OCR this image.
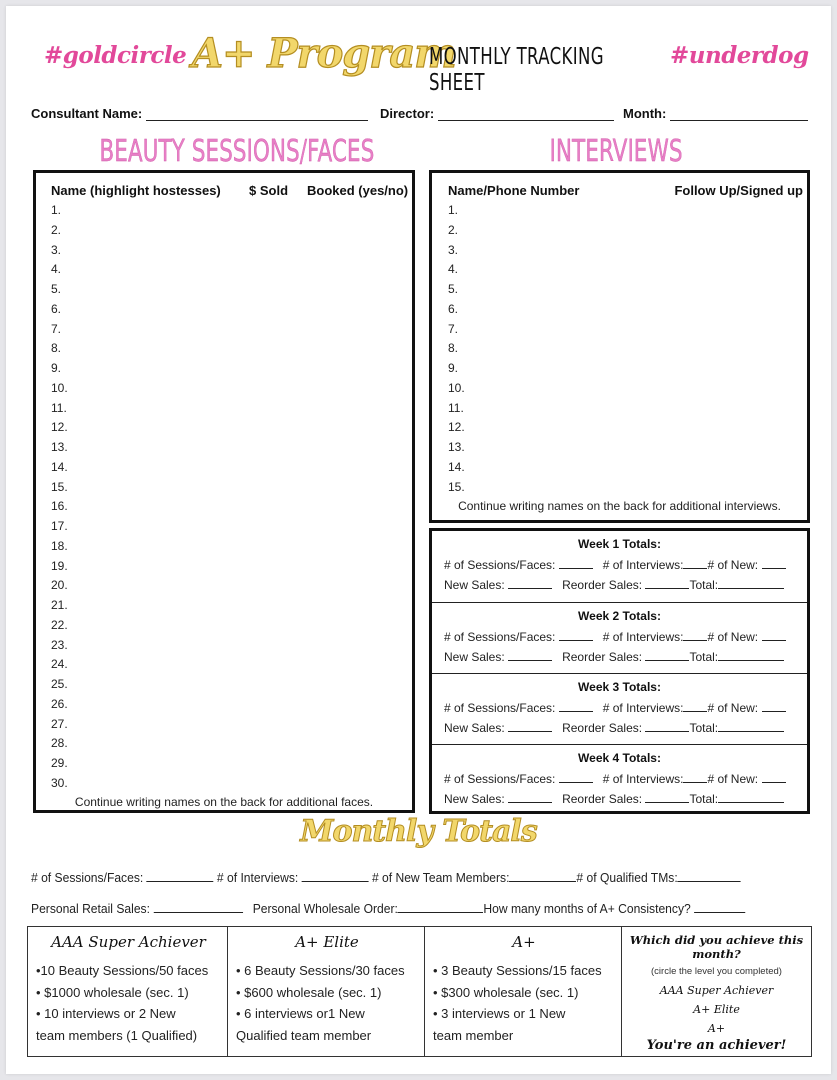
#goldcircle A+ Program
MONTHLY TRACKING SHEET
#underdog
Consultant Name:	Director:	Month:
BEAUTY SESSIONS/FACES	INTERVIEWS
Name (highlight hostesses) $ Sold Booked (yes/no)
1.
2.
3.
4.
5.
6.
7.
8.
9.
10.
11.
12.
13.
14.
15.
16.
17.
18.
19.
20.
21.
22.
23.
24.
25.
26.
27.
28.
29.
30.
Continue writing names on the back for additional faces.
Name/Phone Number	Follow Up/Signed up
1.
2.
3.
4.
5.
6.
7.
8.
9.
10.
11.
12.
13.
14.
15.
Continue writing names on the back for additional interviews.
Week 1 Totals:
# of Sessions/Faces:	# of Interviews: # of New:
New Sales:	Reorder Sales:	Total:
Week 2 Totals:
# of Sessions/Faces:	# of Interviews: # of New:
New Sales:	Reorder Sales:	Total:
Week 3 Totals:
# of Sessions/Faces:	# of Interviews: # of New:
New Sales:	Reorder Sales:	Total:
Week 4 Totals:
# of Sessions/Faces:	# of Interviews: # of New:
New Sales:	Reorder Sales:	Total:
Monthly Totals
# of Sessions/Faces:	# of Interviews:	# of New Team Members:	# of Qualified TMs:
Personal Retail Sales:	Personal Wholesale Order:	How many months of A+ Consistency?
AAA Super Achiever
•10 Beauty Sessions/50 faces
• $1000 wholesale (sec. 1)
• 10 interviews or 2 New
team members (1 Qualified)
A+ Elite
• 6 Beauty Sessions/30 faces
• $600 wholesale (sec. 1)
• 6 interviews or1 New
Qualified team member
A+
• 3 Beauty Sessions/15 faces
• $300 wholesale (sec. 1)
• 3 interviews or 1 New
team member
Which did you achieve this month?
(circle the level you completed)
AAA Super Achiever
A+ Elite
A+
You're an achiever!
